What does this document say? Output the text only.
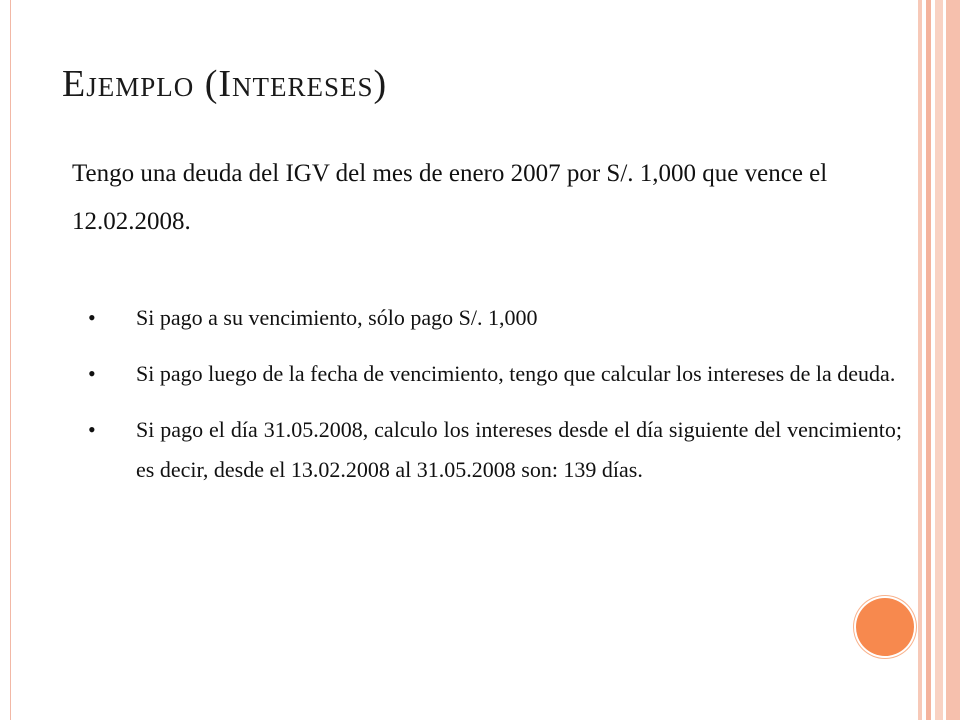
Ejemplo (Intereses)

Tengo una deuda del IGV del mes de enero 2007 por S/. 1,000 que vence el 12.02.2008.

• Si pago a su vencimiento, sólo pago S/. 1,000
• Si pago luego de la fecha de vencimiento, tengo que calcular los intereses de la deuda.
• Si pago el día 31.05.2008, calculo los intereses desde el día siguiente del vencimiento; es decir, desde el 13.02.2008 al 31.05.2008 son: 139 días.
